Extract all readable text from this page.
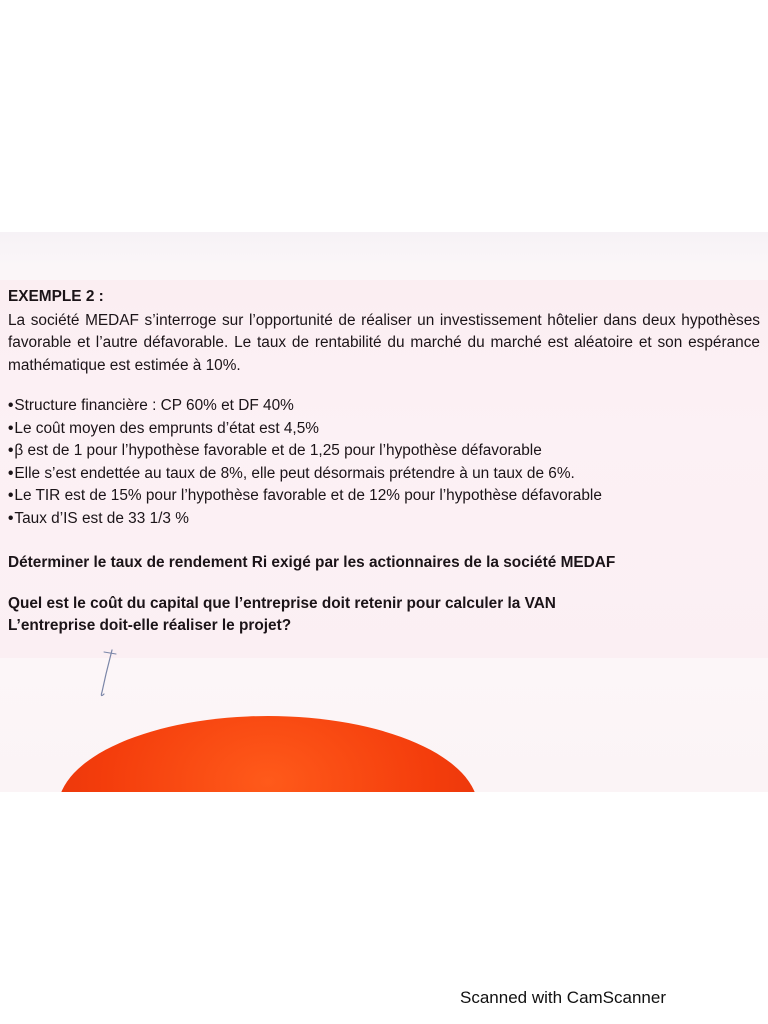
EXEMPLE 2 :

La société MEDAF s’interroge sur l’opportunité de réaliser un investissement hôtelier dans deux hypothèses favorable et l’autre défavorable. Le taux de rentabilité du marché du marché est aléatoire et son espérance mathématique est estimée à 10%.

•Structure financière : CP 60% et DF 40%
•Le coût moyen des emprunts d’état est 4,5%
•β est de 1 pour l’hypothèse favorable et de 1,25 pour l’hypothèse défavorable
•Elle s’est endettée au taux de 8%, elle peut désormais prétendre à un taux de 6%.
•Le TIR est de 15% pour l’hypothèse favorable et de 12% pour l’hypothèse défavorable
•Taux d’IS est de 33 1/3 %

Déterminer le taux de rendement Ri exigé par les actionnaires de la société MEDAF

Quel est le coût du capital que l’entreprise doit retenir pour calculer la VAN

L’entreprise doit-elle réaliser le projet?

Scanned with CamScanner
